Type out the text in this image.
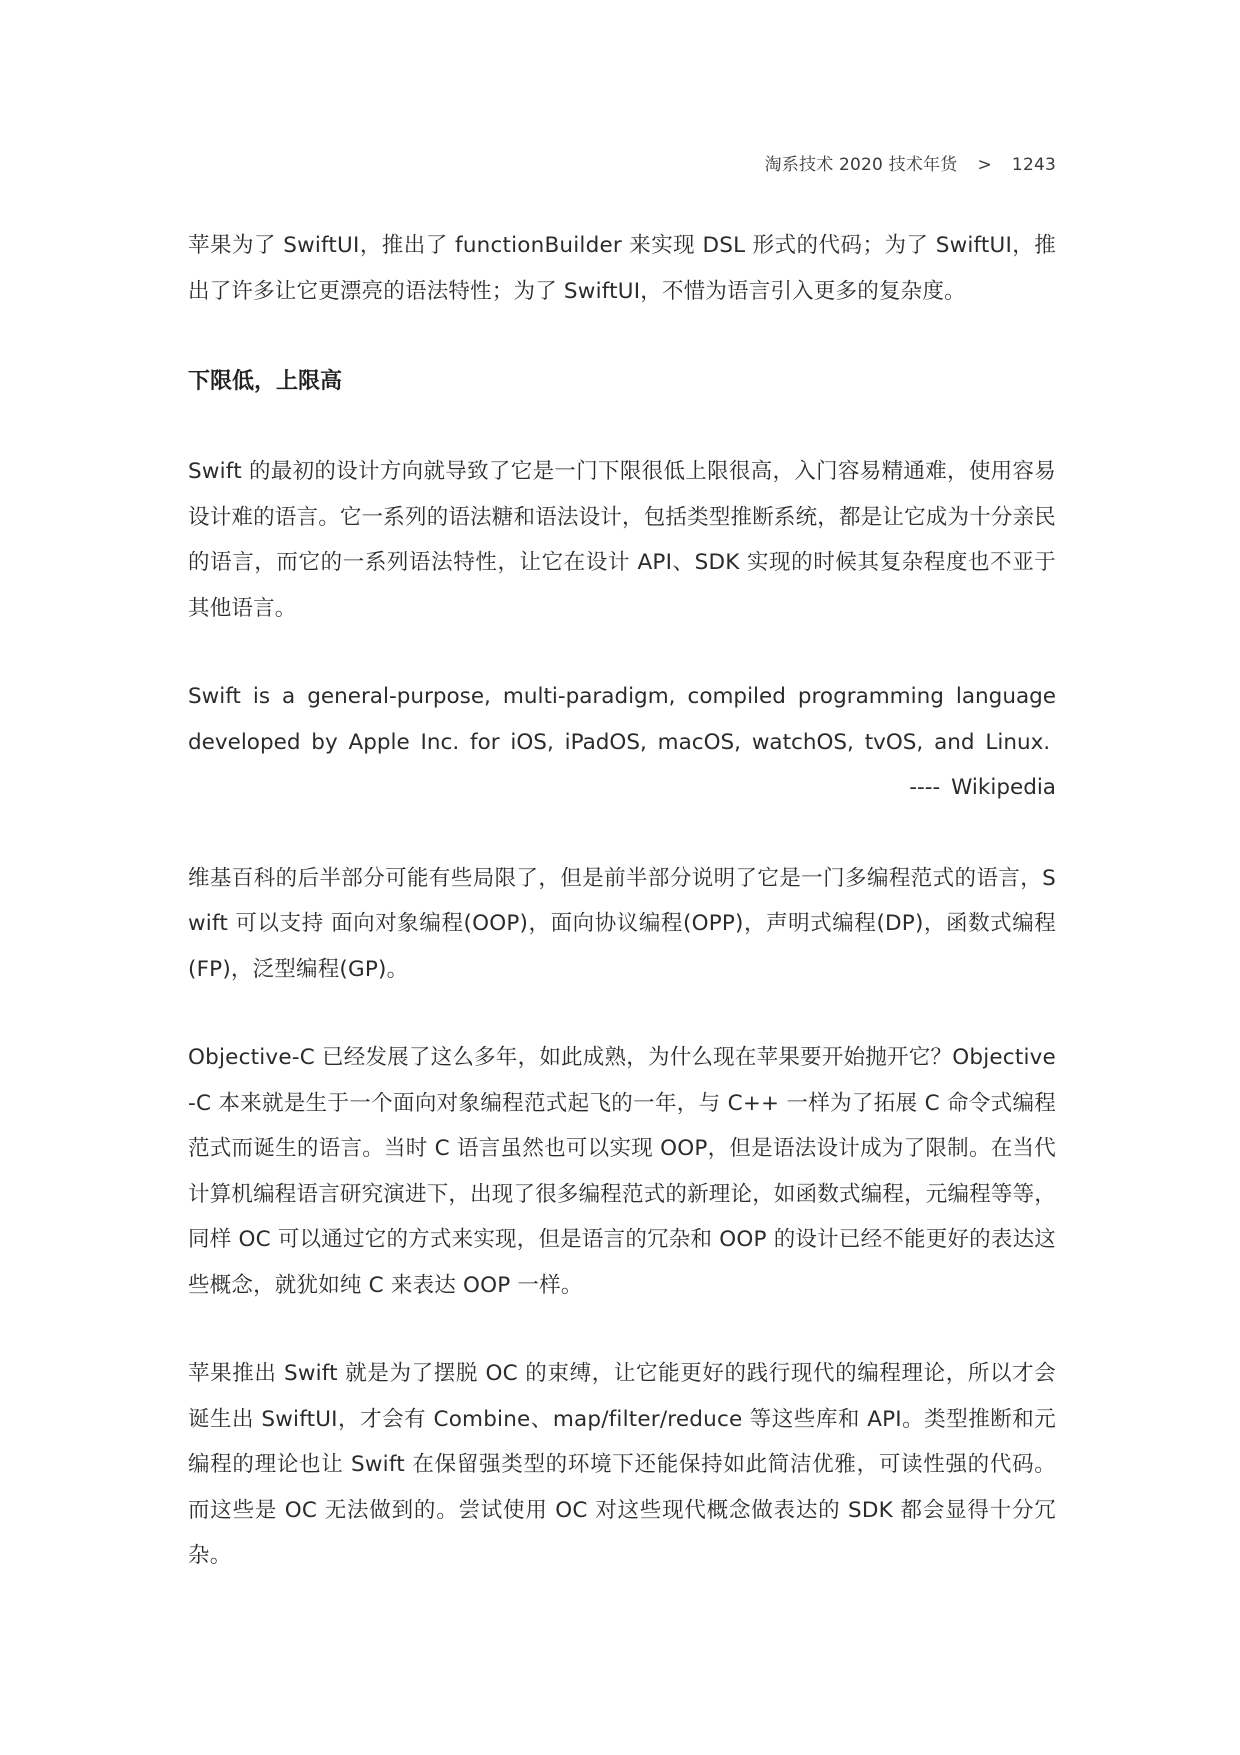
淘系技术 2020 技术年货 > 1243

苹果为了 SwiftUI，推出了 functionBuilder 来实现 DSL 形式的代码；为了 SwiftUI，推出了许多让它更漂亮的语法特性；为了 SwiftUI，不惜为语言引入更多的复杂度。

下限低，上限高

Swift 的最初的设计方向就导致了它是一门下限很低上限很高，入门容易精通难，使用容易设计难的语言。它一系列的语法糖和语法设计，包括类型推断系统，都是让它成为十分亲民的语言，而它的一系列语法特性，让它在设计 API、SDK 实现的时候其复杂程度也不亚于其他语言。

Swift is a general-purpose, multi-paradigm, compiled programming language developed by Apple Inc. for iOS, iPadOS, macOS, watchOS, tvOS, and Linux.

---- Wikipedia

维基百科的后半部分可能有些局限了，但是前半部分说明了它是一门多编程范式的语言，Swift 可以支持 面向对象编程(OOP)，面向协议编程(OPP)，声明式编程(DP)，函数式编程(FP)，泛型编程(GP)。

Objective-C 已经发展了这么多年，如此成熟，为什么现在苹果要开始抛开它？Objective-C 本来就是生于一个面向对象编程范式起飞的一年，与 C++ 一样为了拓展 C 命令式编程范式而诞生的语言。当时 C 语言虽然也可以实现 OOP，但是语法设计成为了限制。在当代计算机编程语言研究演进下，出现了很多编程范式的新理论，如函数式编程，元编程等等，同样 OC 可以通过它的方式来实现，但是语言的冗杂和 OOP 的设计已经不能更好的表达这些概念，就犹如纯 C 来表达 OOP 一样。

苹果推出 Swift 就是为了摆脱 OC 的束缚，让它能更好的践行现代的编程理论，所以才会诞生出 SwiftUI，才会有 Combine、map/filter/reduce 等这些库和 API。类型推断和元编程的理论也让 Swift 在保留强类型的环境下还能保持如此简洁优雅，可读性强的代码。而这些是 OC 无法做到的。尝试使用 OC 对这些现代概念做表达的 SDK 都会显得十分冗杂。
